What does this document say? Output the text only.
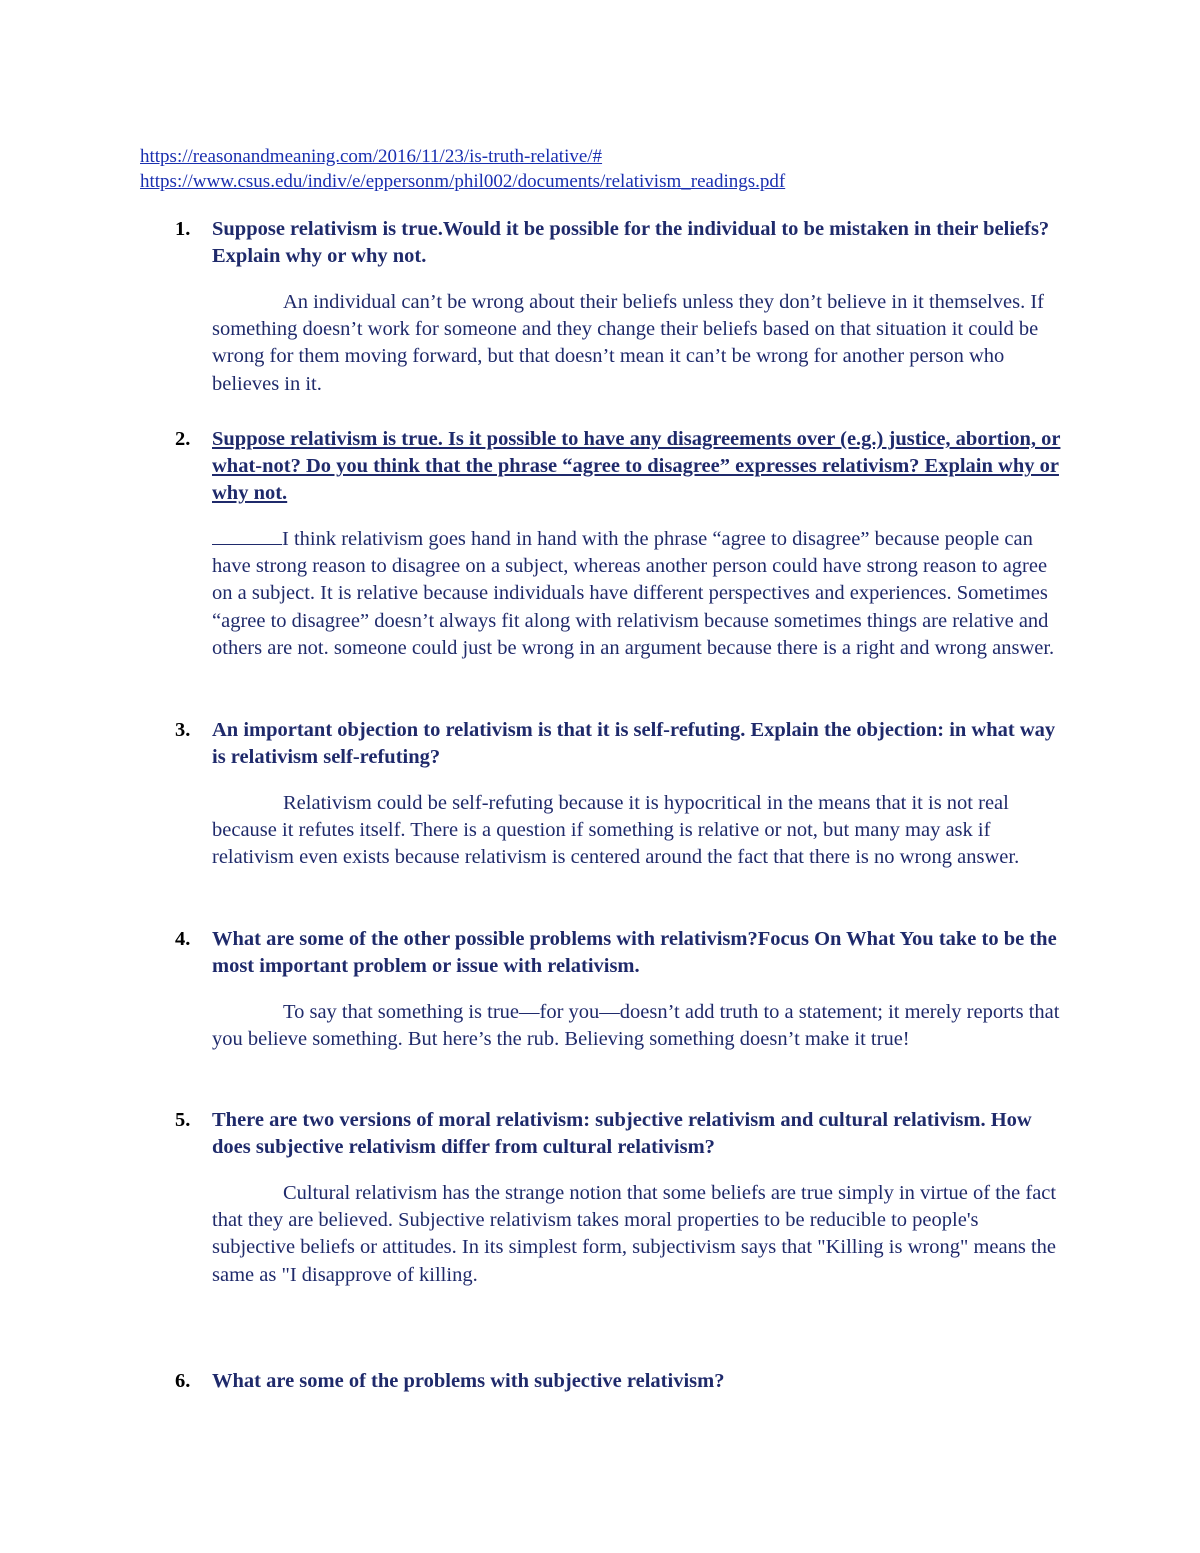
https://reasonandmeaning.com/2016/11/23/is-truth-relative/#
https://www.csus.edu/indiv/e/eppersonm/phil002/documents/relativism_readings.pdf
1. Suppose relativism is true.Would it be possible for the individual to be mistaken in their beliefs? Explain why or why not.
An individual can’t be wrong about their beliefs unless they don’t believe in it themselves. If something doesn’t work for someone and they change their beliefs based on that situation it could be wrong for them moving forward, but that doesn’t mean it can’t be wrong for another person who believes in it.
2. Suppose relativism is true. Is it possible to have any disagreements over (e.g.) justice, abortion, or what-not? Do you think that the phrase “agree to disagree” expresses relativism? Explain why or why not.
I think relativism goes hand in hand with the phrase “agree to disagree” because people can have strong reason to disagree on a subject, whereas another person could have strong reason to agree on a subject. It is relative because individuals have different perspectives and experiences. Sometimes “agree to disagree” doesn’t always fit along with relativism because sometimes things are relative and others are not. someone could just be wrong in an argument because there is a right and wrong answer.
3. An important objection to relativism is that it is self-refuting. Explain the objection: in what way is relativism self-refuting?
Relativism could be self-refuting because it is hypocritical in the means that it is not real because it refutes itself. There is a question if something is relative or not, but many may ask if relativism even exists because relativism is centered around the fact that there is no wrong answer.
4. What are some of the other possible problems with relativism?Focus On What You take to be the most important problem or issue with relativism.
To say that something is true—for you—doesn’t add truth to a statement; it merely reports that you believe something. But here’s the rub. Believing something doesn’t make it true!
5. There are two versions of moral relativism: subjective relativism and cultural relativism. How does subjective relativism differ from cultural relativism?
Cultural relativism has the strange notion that some beliefs are true simply in virtue of the fact that they are believed. Subjective relativism takes moral properties to be reducible to people's subjective beliefs or attitudes. In its simplest form, subjectivism says that "Killing is wrong" means the same as "I disapprove of killing.
6. What are some of the problems with subjective relativism?
